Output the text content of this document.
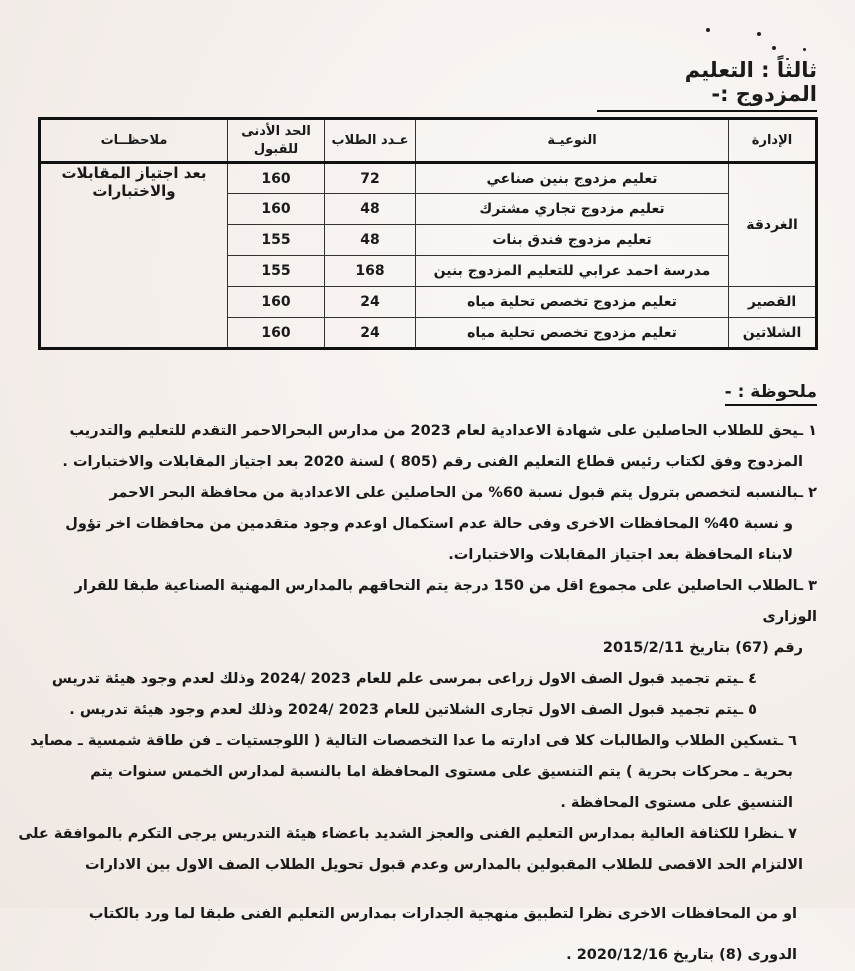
ثالثاً : التعليم المزدوج :-
الإدارة	النوعيـة	عـدد الطلاب	الحد الأدنى للقبول	ملاحظــات
الغردقة	تعليم مزدوج بنين صناعي	72	160	بعد اجتياز المقابلات والاختبارات
	تعليم مزدوج تجاري مشترك	48	160	
	تعليم مزدوج فندق بنات	48	155	
	مدرسة احمد عرابي للتعليم المزدوج بنين	168	155	
القصير	تعليم مزدوج تخصص تحلية مياه	24	160	
الشلاتين	تعليم مزدوج تخصص تحلية مياه	24	160	
ملحوظة : -
١ ـيحق للطلاب الحاصلين على شهادة الاعدادية لعام 2023 من مدارس البحرالاحمر التقدم للتعليم والتدريب
المزدوج وفق لكتاب رئيس قطاع التعليم الفنى رقم (805 ) لسنة 2020 بعد اجتياز المقابلات والاختبارات .
٢ ـبالنسبه لتخصص بترول يتم قبول نسبة 60% من الحاصلين على الاعدادية من محافظة البحر الاحمر
و نسبة 40% المحافظات الاخرى وفى حالة عدم استكمال اوعدم وجود متقدمين من محافظات اخر تؤول
لابناء المحافظة بعد اجتياز المقابلات والاختبارات.
٣ ـالطلاب الحاصلين على مجموع اقل من 150 درجة يتم التحاقهم بالمدارس المهنية الصناعية طبقا للقرار الوزارى
رقم (67) بتاريخ 2015/2/11
٤ ـيتم تجميد قبول الصف الاول زراعى بمرسى علم للعام 2023 /2024 وذلك لعدم وجود هيئة تدريس
٥ ـيتم تجميد قبول الصف الاول تجارى الشلاتين للعام 2023 /2024 وذلك لعدم وجود هيئة تدريس .
٦ ـتسكين الطلاب والطالبات كلا فى ادارته ما عدا التخصصات التالية ( اللوجستيات ـ فن طاقة شمسية ـ مصايد
بحرية ـ محركات بحرية ) يتم التنسيق على مستوى المحافظة اما بالنسبة لمدارس الخمس سنوات يتم
التنسيق على مستوى المحافظة .
٧ ـنظرا للكثافة العالية بمدارس التعليم الفنى والعجز الشديد باعضاء هيئة التدريس يرجى التكرم بالموافقة على
الالتزام الحد الاقصى للطلاب المقبولين بالمدارس وعدم قبول تحويل الطلاب الصف الاول بين الادارات
او من المحافظات الاخرى نظرا لتطبيق منهجية الجدارات بمدارس التعليم الفنى طبقا لما ورد بالكتاب
الدورى (8) بتاريخ 2020/12/16 .
